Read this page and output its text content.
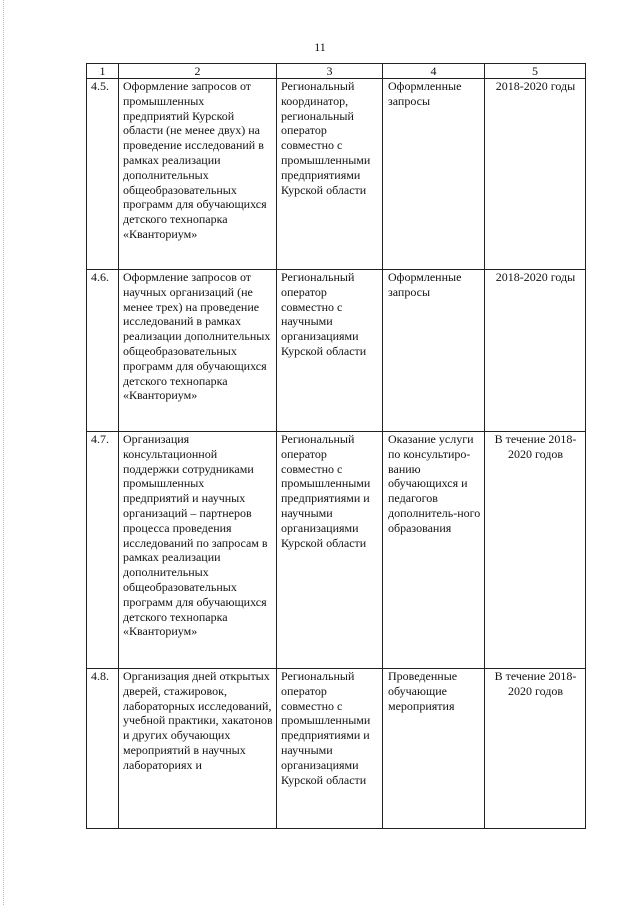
11
1	2	3	4	5
4.5.	Оформление запросов от промышленных предприятий Курской области (не менее двух) на проведение исследований в рамках реализации дополнительных общеобразовательных программ для обучающихся детского технопарка «Кванториум»	Региональный координатор, региональный оператор совместно с промышленными предприятиями Курской области	Оформленные запросы	2018-2020 годы
4.6.	Оформление запросов от научных организаций (не менее трех) на проведение исследований в рамках реализации дополнительных общеобразовательных программ для обучающихся детского технопарка «Кванториум»	Региональный оператор совместно с научными организациями Курской области	Оформленные запросы	2018-2020 годы
4.7.	Организация консультационной поддержки сотрудниками промышленных предприятий и научных организаций – партнеров процесса проведения исследований по запросам в рамках реализации дополнительных общеобразовательных программ для обучающихся детского технопарка «Кванториум»	Региональный оператор совместно с промышленными предприятиями и научными организациями Курской области	Оказание услуги по консультиро-ванию обучающихся и педагогов дополнитель-ного образования	В течение 2018-2020 годов
4.8.	Организация дней открытых дверей, стажировок, лабораторных исследований, учебной практики, хакатонов и других обучающих мероприятий в научных лабораториях и	Региональный оператор совместно с промышленными предприятиями и научными организациями Курской области	Проведенные обучающие мероприятия	В течение 2018-2020 годов
